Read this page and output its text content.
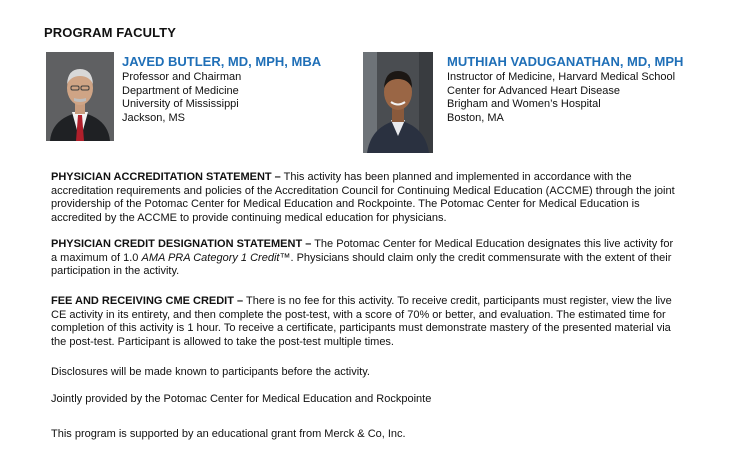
PROGRAM FACULTY

JAVED BUTLER, MD, MPH, MBA

Professor and Chairman

Department of Medicine

University of Mississippi

Jackson, MS

MUTHIAH VADUGANATHAN, MD, MPH

Instructor of Medicine, Harvard Medical School

Center for Advanced Heart Disease

Brigham and Women’s Hospital

Boston, MA

PHYSICIAN ACCREDITATION STATEMENT – This activity has been planned and implemented in accordance with the accreditation requirements and policies of the Accreditation Council for Continuing Medical Education (ACCME) through the joint providership of the Potomac Center for Medical Education and Rockpointe. The Potomac Center for Medical Education is accredited by the ACCME to provide continuing medical education for physicians.

PHYSICIAN CREDIT DESIGNATION STATEMENT – The Potomac Center for Medical Education designates this live activity for a maximum of 1.0 AMA PRA Category 1 Credit™. Physicians should claim only the credit commensurate with the extent of their participation in the activity.

FEE AND RECEIVING CME CREDIT – There is no fee for this activity. To receive credit, participants must register, view the live CE activity in its entirety, and then complete the post-test, with a score of 70% or better, and evaluation. The estimated time for completion of this activity is 1 hour. To receive a certificate, participants must demonstrate mastery of the presented material via the post-test. Participant is allowed to take the post-test multiple times.

Disclosures will be made known to participants before the activity.

Jointly provided by the Potomac Center for Medical Education and Rockpointe

This program is supported by an educational grant from Merck & Co, Inc.
